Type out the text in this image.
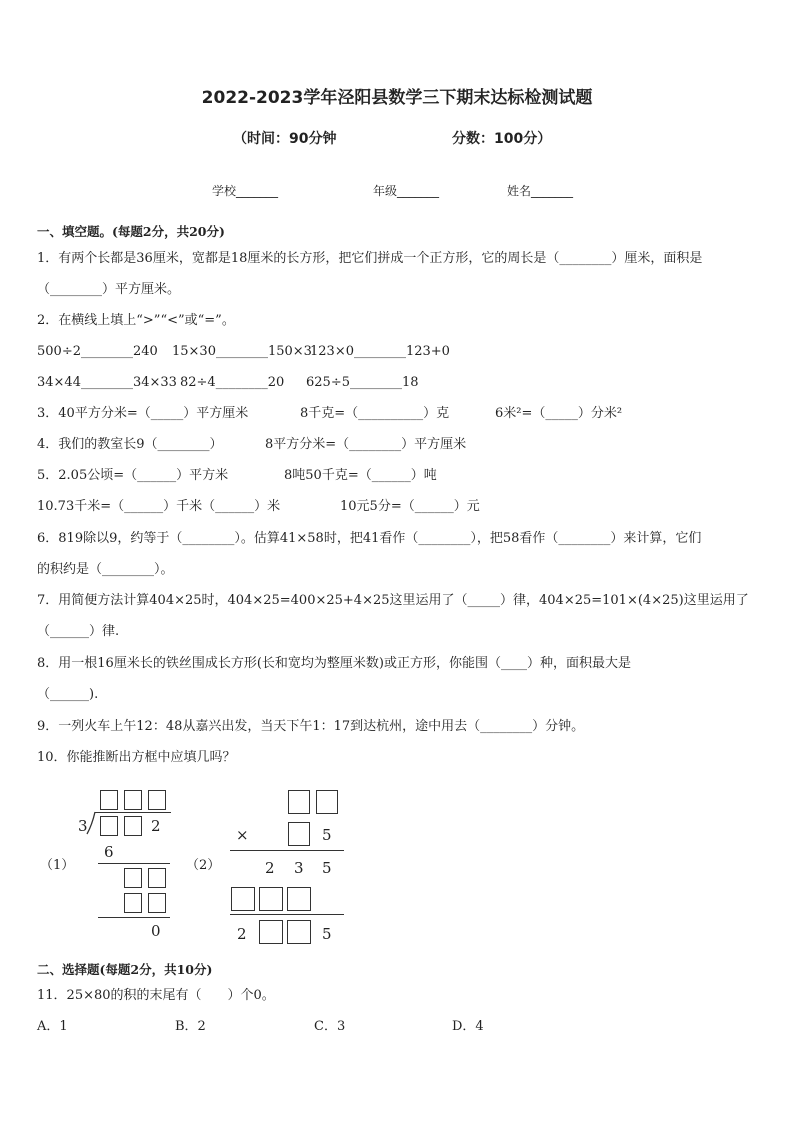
2022-2023学年泾阳县数学三下期末达标检测试题
（时间：90分钟	分数：100分）
学校_______	年级_______	姓名_______
一、填空题。(每题2分，共20分)
1．有两个长都是36厘米，宽都是18厘米的长方形，把它们拼成一个正方形，它的周长是（________）厘米，面积是
（________）平方厘米。
2．在横线上填上“>”“<”或“=”。
500÷2________240 15×30________150×3
123×0________123+0
34×44________34×33 82÷4________20 625÷5________18
3．40平方分米=（_____）平方厘米	8千克=（__________）克	6米²=（_____）分米²
4．我们的教室长9（________）	8平方分米=（________）平方厘米
5．2.05公顷=（______）平方米	8吨50千克=（______）吨
10.73千米=（______）千米（______）米	10元5分=（______）元
6．819除以9，约等于（________）。估算41×58时，把41看作（________），把58看作（________）来计算，它们
的积约是（________）。
7．用简便方法计算404×25时，404×25=400×25+4×25这里运用了（_____）律，404×25=101×(4×25)这里运用了
（______）律.
8．用一根16厘米长的铁丝围成长方形(长和宽均为整厘米数)或正方形，你能围（____）种，面积最大是
（______).
9．一列火车上午12：48从嘉兴出发，当天下午1：17到达杭州，途中用去（________）分钟。
10．你能推断出方框中应填几吗？
（1）
3	2
6
0
（2）
×	5
2 3 5
2	5
二、选择题(每题2分，共10分)
11．25×80的积的末尾有（　　）个0。
A．1	B．2	C．3	D．4
